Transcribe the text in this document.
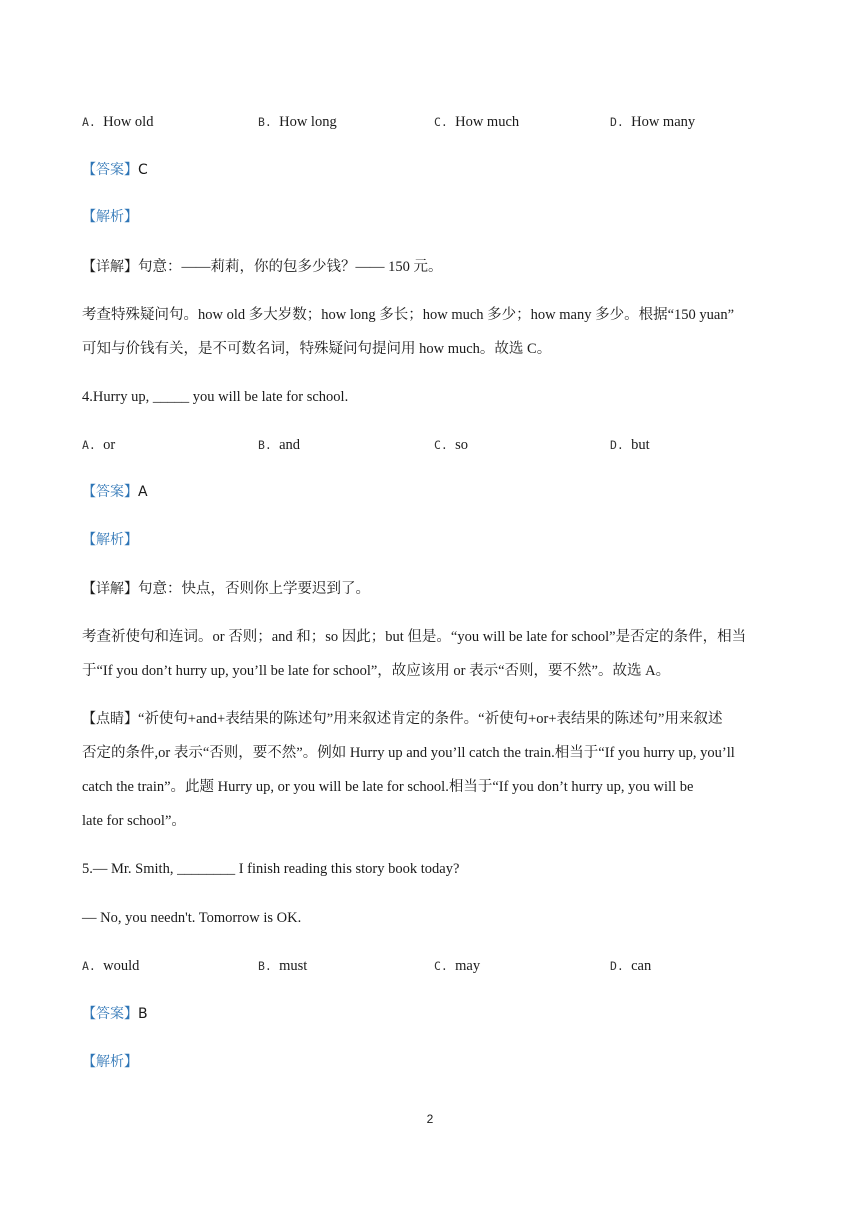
A. How old	B. How long	C. How much	D. How many
【答案】C
【解析】
【详解】句意：——莉莉，你的包多少钱？—— 150 元。
考查特殊疑问句。how old 多大岁数；how long 多长；how much 多少；how many 多少。根据“150 yuan”
可知与价钱有关，是不可数名词，特殊疑问句提问用 how much。故选 C。
4.Hurry up, _____ you will be late for school.
A. or	B. and	C. so	D. but
【答案】A
【解析】
【详解】句意：快点，否则你上学要迟到了。
考查祈使句和连词。or 否则；and 和；so 因此；but 但是。“you will be late for school”是否定的条件，相当
于“If you don’t hurry up, you’ll be late for school”，故应该用 or 表示“否则，要不然”。故选 A。
【点睛】“祈使句+and+表结果的陈述句”用来叙述肯定的条件。“祈使句+or+表结果的陈述句”用来叙述
否定的条件,or 表示“否则，要不然”。例如 Hurry up and you’ll catch the train.相当于“If you hurry up, you’ll
catch the train”。此题 Hurry up, or you will be late for school.相当于“If you don’t hurry up, you will be
late for school”。
5.— Mr. Smith, ________ I finish reading this story book today?
— No, you needn't. Tomorrow is OK.
A. would	B. must	C. may	D. can
【答案】B
【解析】
2
